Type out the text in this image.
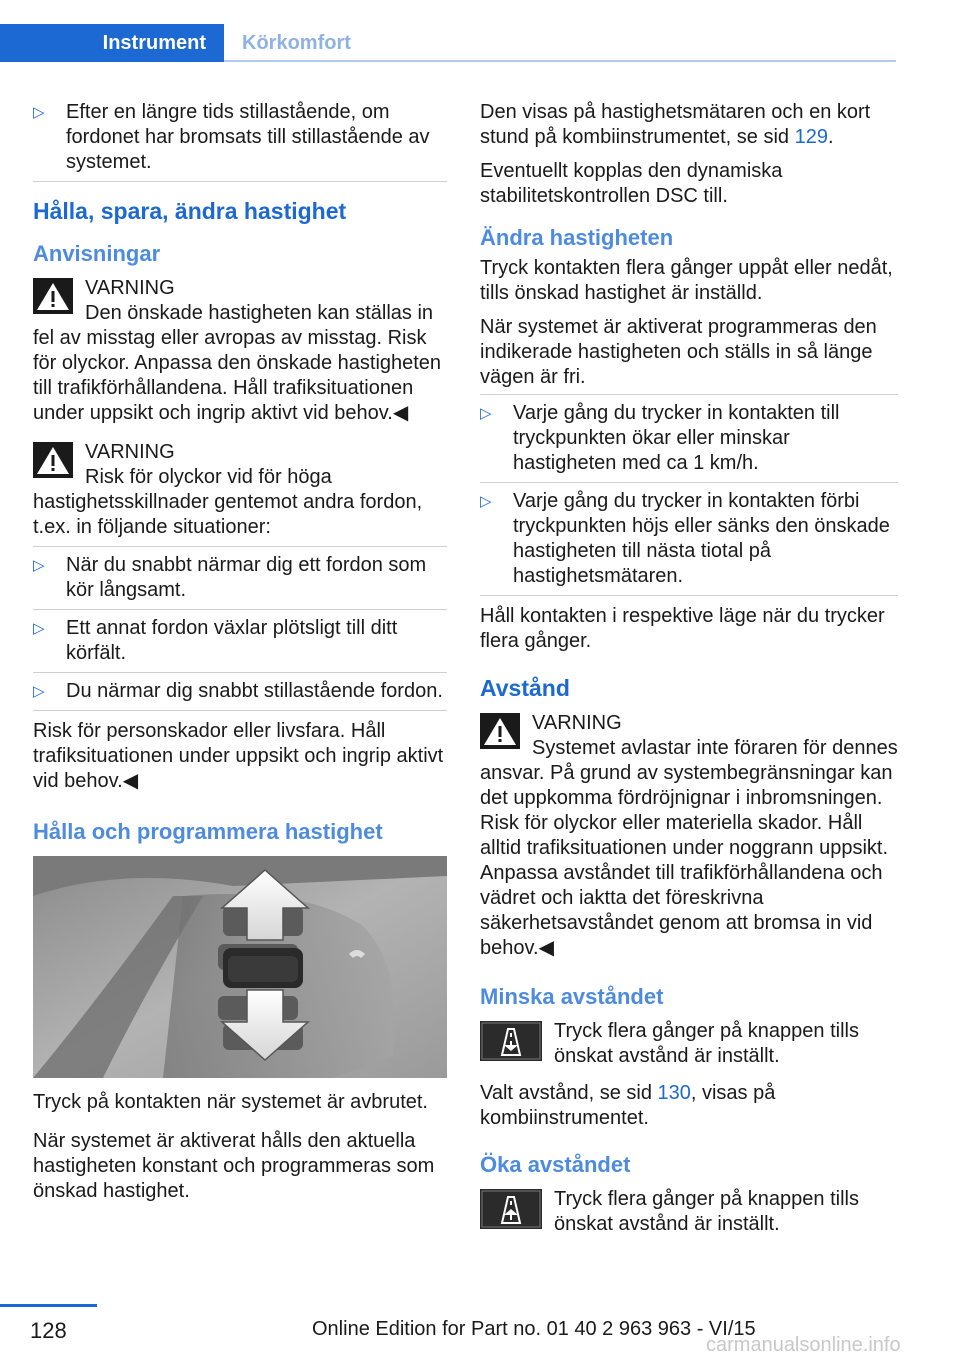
Instrument	Körkomfort
▷ Efter en längre tids stillastående, om fordonet har bromsats till stillastående av systemet.
Hålla, spara, ändra hastighet
Anvisningar
VARNING
Den önskade hastigheten kan ställas in fel av misstag eller avropas av misstag. Risk för olyckor. Anpassa den önskade hastigheten till trafikförhållandena. Håll trafiksituationen under uppsikt och ingrip aktivt vid behov.◀
VARNING
Risk för olyckor vid för höga hastighetsskillnader gentemot andra fordon, t.ex. in följande situationer:
▷ När du snabbt närmar dig ett fordon som kör långsamt.
▷ Ett annat fordon växlar plötsligt till ditt körfält.
▷ Du närmar dig snabbt stillastående fordon.

Risk för personskador eller livsfara. Håll trafiksituationen under uppsikt och ingrip aktivt vid behov.◀

Hålla och programmera hastighet

Tryck på kontakten när systemet är avbrutet.

När systemet är aktiverat hålls den aktuella hastigheten konstant och programmeras som önskad hastighet.

Den visas på hastighetsmätaren och en kort stund på kombiinstrumentet, se sid 129.

Eventuellt kopplas den dynamiska stabilitetskontrollen DSC till.

Ändra hastigheten

Tryck kontakten flera gånger uppåt eller nedåt, tills önskad hastighet är inställd.

När systemet är aktiverat programmeras den indikerade hastigheten och ställs in så länge vägen är fri.

▷ Varje gång du trycker in kontakten till tryckpunkten ökar eller minskar hastigheten med ca 1 km/h.
▷ Varje gång du trycker in kontakten förbi tryckpunkten höjs eller sänks den önskade hastigheten till nästa tiotal på hastighetsmätaren.

Håll kontakten i respektive läge när du trycker flera gånger.

Avstånd
VARNING
Systemet avlastar inte föraren för dennes ansvar. På grund av systembegränsningar kan det uppkomma fördröjnignar i inbromsningen. Risk för olyckor eller materiella skador. Håll alltid trafiksituationen under noggrann uppsikt. Anpassa avståndet till trafikförhållandena och vädret och iaktta det föreskrivna säkerhetsavståndet genom att bromsa in vid behov.◀
Minska avståndet
Tryck flera gånger på knappen tills önskat avstånd är inställt.

Valt avstånd, se sid 130, visas på kombiinstrumentet.

Öka avståndet
Tryck flera gånger på knappen tills önskat avstånd är inställt.
128	Online Edition for Part no. 01 40 2 963 963 - VI/15
carmanualsonline.info
